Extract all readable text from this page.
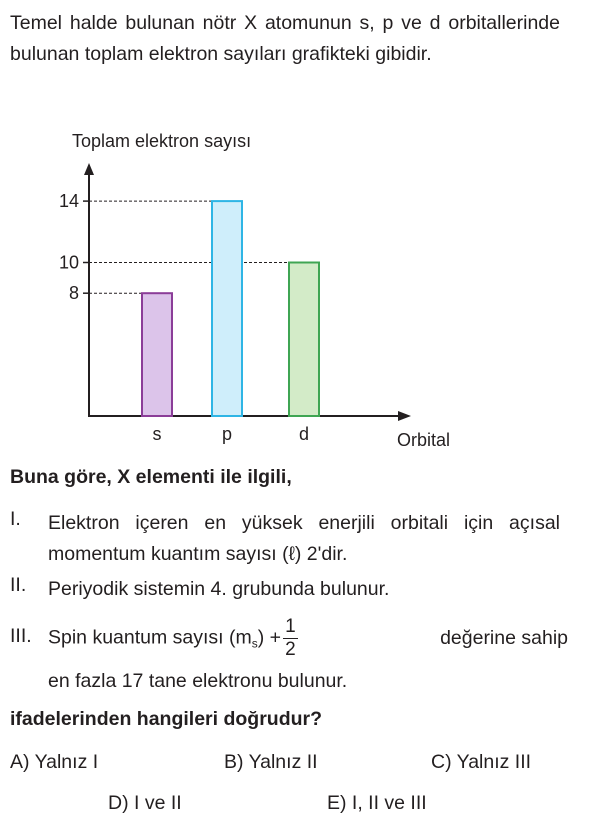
Temel halde bulunan nötr X atomunun s, p ve d orbitallerinde bulunan toplam elektron sayıları grafikteki gibidir.
Toplam elektron sayısı
Orbital
8
10
14
s	p	d
Buna göre, X elementi ile ilgili,
I. Elektron içeren en yüksek enerjili orbitali için açısal momentum kuantım sayısı (ℓ) 2'dir.
II. Periyodik sistemin 4. grubunda bulunur.
III. Spin kuantum sayısı $(m_s) + \frac{1}{2}$	değerine sahip
en fazla 17 tane elektronu bulunur.
ifadelerinden hangileri doğrudur?
A) Yalnız I	B) Yalnız II	C) Yalnız III
D) I ve II	E) I, II ve III
